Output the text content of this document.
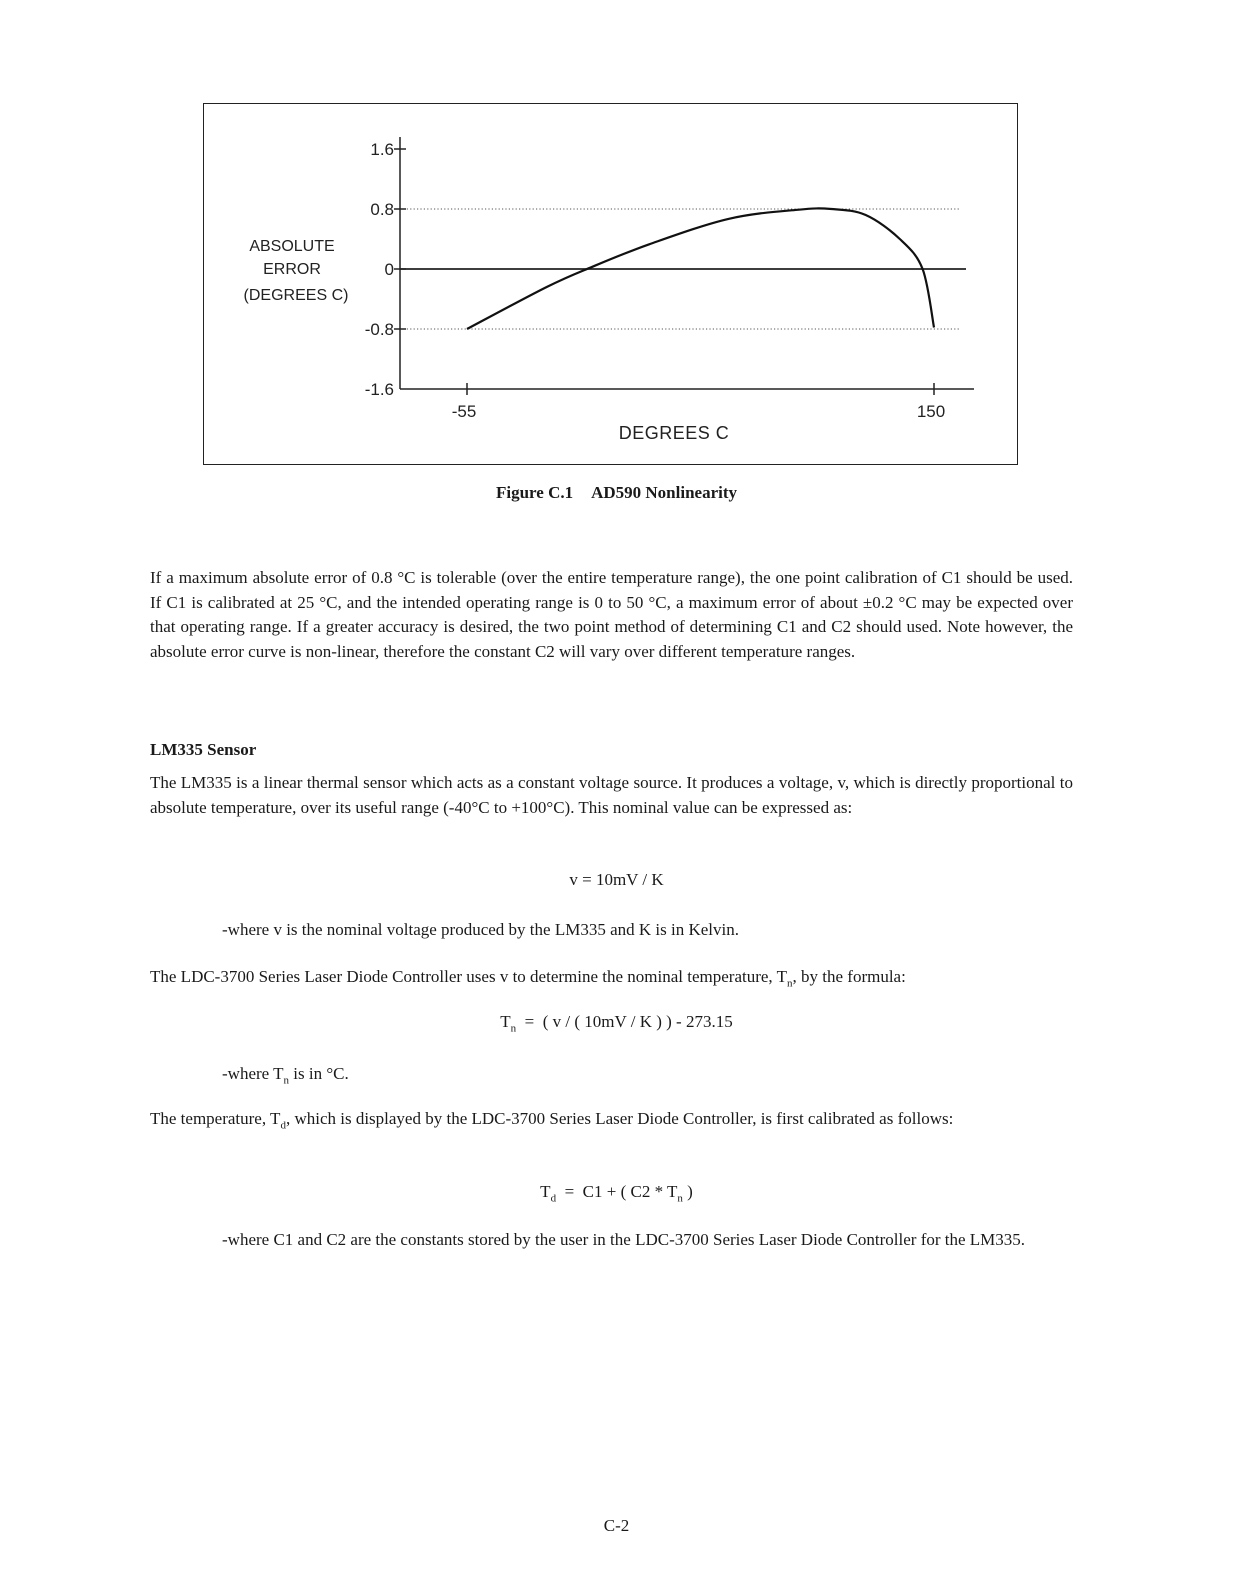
ABSOLUTE
ERROR
(DEGREES C)
1.6
0.8
0
-0.8
-1.6
-55	150
DEGREES C
Figure C.1 AD590 Nonlinearity
If a maximum absolute error of 0.8 °C is tolerable (over the entire temperature range), the one point calibration of C1 should be used. If C1 is calibrated at 25 °C, and the intended operating range is 0 to 50 °C, a maximum error of about ±0.2 °C may be expected over that operating range. If a greater accuracy is desired, the two point method of determining C1 and C2 should used. Note however, the absolute error curve is non-linear, therefore the constant C2 will vary over different temperature ranges.
LM335 Sensor
The LM335 is a linear thermal sensor which acts as a constant voltage source. It produces a voltage, v, which is directly proportional to absolute temperature, over its useful range (-40°C to +100°C). This nominal value can be expressed as:
v = 10mV / K
-where v is the nominal voltage produced by the LM335 and K is in Kelvin.
The LDC-3700 Series Laser Diode Controller uses v to determine the nominal temperature, $T_n$, by the formula:
$T_n$  =  ( v / ( 10mV / K ) ) - 273.15
-where $T_n$ is in °C.
The temperature, $T_d$, which is displayed by the LDC-3700 Series Laser Diode Controller, is first calibrated as follows:
$T_d = C1$ + ( $C2 * T_n$ )
-where C1 and C2 are the constants stored by the user in the LDC-3700 Series Laser Diode Controller for the LM335.
C-2
